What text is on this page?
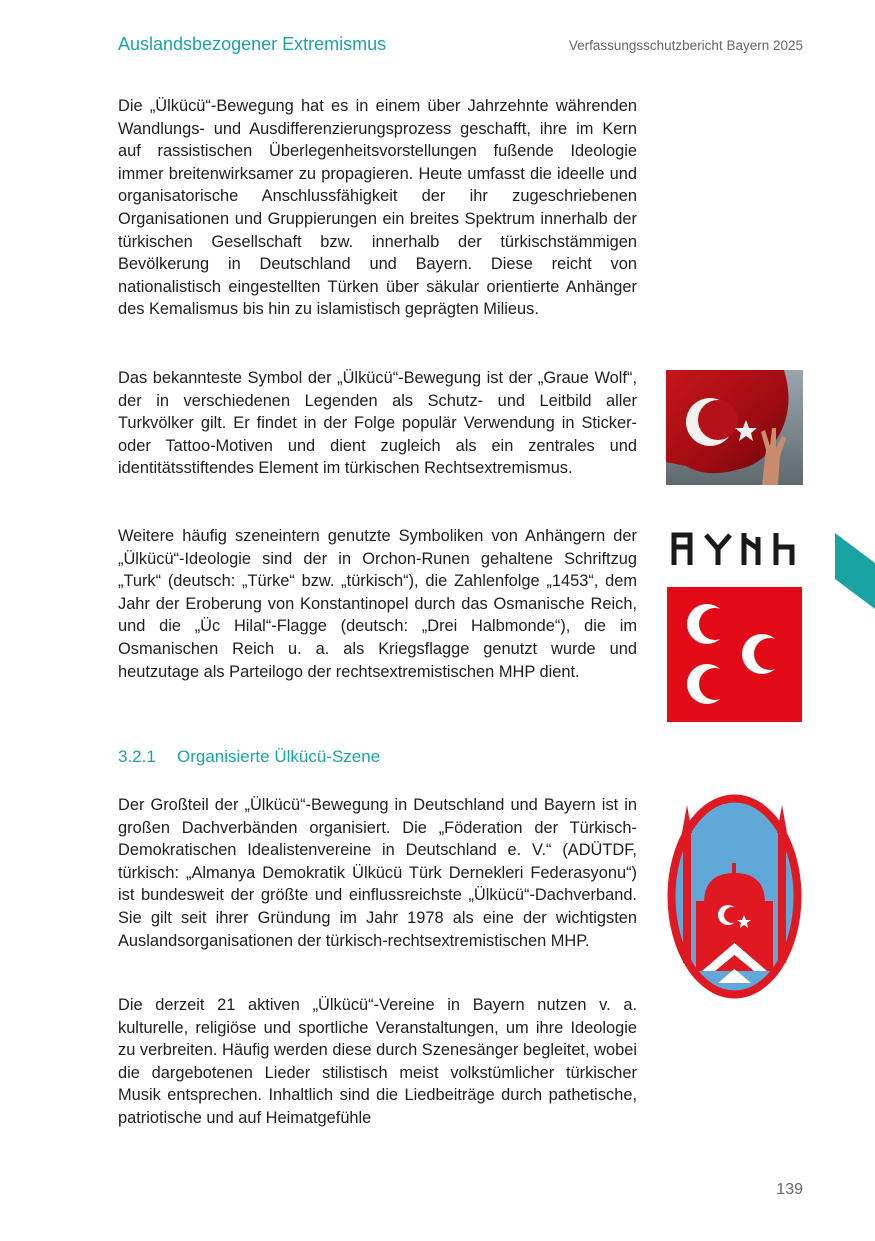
Auslandsbezogener Extremismus	Verfassungsschutzbericht Bayern 2025

Die „Ülkücü“-Bewegung hat es in einem über Jahrzehnte währenden Wandlungs- und Ausdifferenzierungsprozess geschafft, ihre im Kern auf rassistischen Überlegenheitsvorstellungen fußende Ideologie immer breitenwirksamer zu propagieren. Heute umfasst die ideelle und organisatorische Anschlussfähigkeit der ihr zugeschriebenen Organisationen und Gruppierungen ein breites Spektrum innerhalb der türkischen Gesellschaft bzw. innerhalb der türkischstämmigen Bevölkerung in Deutschland und Bayern. Diese reicht von nationalistisch eingestellten Türken über säkular orientierte Anhänger des Kemalismus bis hin zu islamistisch geprägten Milieus.

Das bekannteste Symbol der „Ülkücü“-Bewegung ist der „Graue Wolf“, der in verschiedenen Legenden als Schutz- und Leitbild aller Turkvölker gilt. Er findet in der Folge populär Verwendung in Sticker- oder Tattoo-Motiven und dient zugleich als ein zentrales und identitätsstiftendes Element im türkischen Rechtsextremismus.

Weitere häufig szeneintern genutzte Symboliken von Anhängern der „Ülkücü“-Ideologie sind der in Orchon-Runen gehaltene Schriftzug „Turk“ (deutsch: „Türke“ bzw. „türkisch“), die Zahlenfolge „1453“, dem Jahr der Eroberung von Konstantinopel durch das Osmanische Reich, und die „Üc Hilal“-Flagge (deutsch: „Drei Halbmonde“), die im Osmanischen Reich u. a. als Kriegsflagge genutzt wurde und heutzutage als Parteilogo der rechtsextremistischen MHP dient.

3.2.1 Organisierte Ülkücü-Szene

Der Großteil der „Ülkücü“-Bewegung in Deutschland und Bayern ist in großen Dachverbänden organisiert. Die „Föderation der Türkisch-Demokratischen Idealistenvereine in Deutschland e. V.“ (ADÜTDF, türkisch: „Almanya Demokratik Ülkücü Türk Dernekleri Federasyonu“) ist bundesweit der größte und einflussreichste „Ülkücü“-Dachverband. Sie gilt seit ihrer Gründung im Jahr 1978 als eine der wichtigsten Auslandsorganisationen der türkisch-rechtsextremistischen MHP.

Die derzeit 21 aktiven „Ülkücü“-Vereine in Bayern nutzen v. a. kulturelle, religiöse und sportliche Veranstaltungen, um ihre Ideologie zu verbreiten. Häufig werden diese durch Szenesänger begleitet, wobei die dargebotenen Lieder stilistisch meist volkstümlicher türkischer Musik entsprechen. Inhaltlich sind die Liedbeiträge durch pathetische, patriotische und auf Heimatgefühle

139
